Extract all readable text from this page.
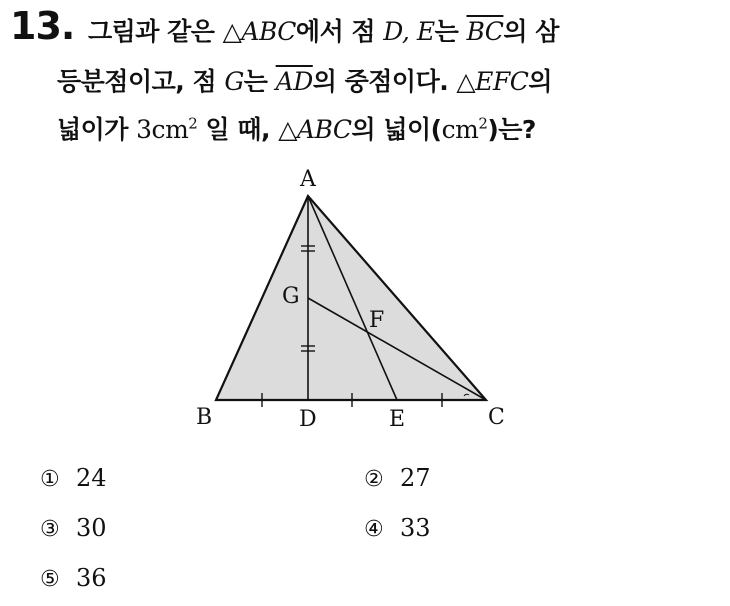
13. 그림과 같은 △ABC에서 점 D, E는 $\overline{BC}$의 삼
등분점이고, 점 G는 $\overline{AD}$의 중점이다. △EFC의
넓이가 $3cm^2$ 일 때, △ABC의 넓이$(cm^2)$는?
A
B	C
D	E
F
G
① 24	② 27
③ 30	④ 33
⑤ 36
